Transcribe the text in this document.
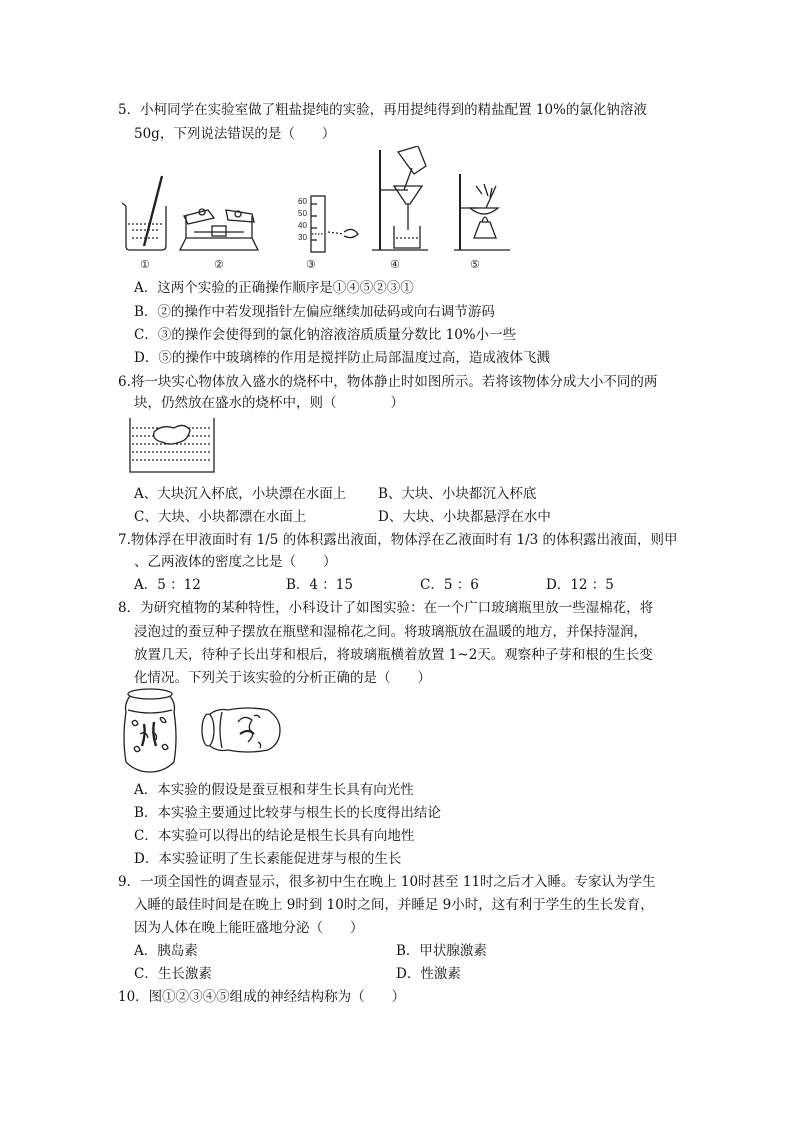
5．小柯同学在实验室做了粗盐提纯的实验，再用提纯得到的精盐配置 10%的氯化钠溶液
50g，下列说法错误的是（　　）
60
50
40
30
①	②	③	④	⑤
A．这两个实验的正确操作顺序是①④⑤②③①
B．②的操作中若发现指针左偏应继续加砝码或向右调节游码
C．③的操作会使得到的氯化钠溶液溶质质量分数比 10%小一些
D．⑤的操作中玻璃棒的作用是搅拌防止局部温度过高，造成液体飞溅
6.将一块实心物体放入盛水的烧杯中，物体静止时如图所示。若将该物体分成大小不同的两
块，仍然放在盛水的烧杯中，则（　　　　）
A、大块沉入杯底，小块漂在水面上 B、大块、小块都沉入杯底
C、大块、小块都漂在水面上	D、大块、小块都悬浮在水中
7.物体浮在甲液面时有 1/5 的体积露出液面，物体浮在乙液面时有 1/3 的体积露出液面，则甲
、乙两液体的密度之比是（　　）
A．5 ：12	B．4 ：15	C．5 ：6	D．12 ：5
8．为研究植物的某种特性，小科设计了如图实验：在一个广口玻璃瓶里放一些湿棉花，将
浸泡过的蚕豆种子摆放在瓶壁和湿棉花之间。将玻璃瓶放在温暖的地方，并保持湿润，
放置几天，待种子长出芽和根后，将玻璃瓶横着放置 1~2天。观察种子芽和根的生长变
化情况。下列关于该实验的分析正确的是（　　）
A．本实验的假设是蚕豆根和芽生长具有向光性
B．本实验主要通过比较芽与根生长的长度得出结论
C．本实验可以得出的结论是根生长具有向地性
D．本实验证明了生长素能促进芽与根的生长
9．一项全国性的调查显示，很多初中生在晚上 10时甚至 11时之后才入睡。专家认为学生
入睡的最佳时间是在晚上 9时到 10时之间，并睡足 9小时，这有利于学生的生长发育，
因为人体在晚上能旺盛地分泌（　　）
A．胰岛素	B．甲状腺激素
C．生长激素	D．性激素
10．图①②③④⑤组成的神经结构称为（　　）
